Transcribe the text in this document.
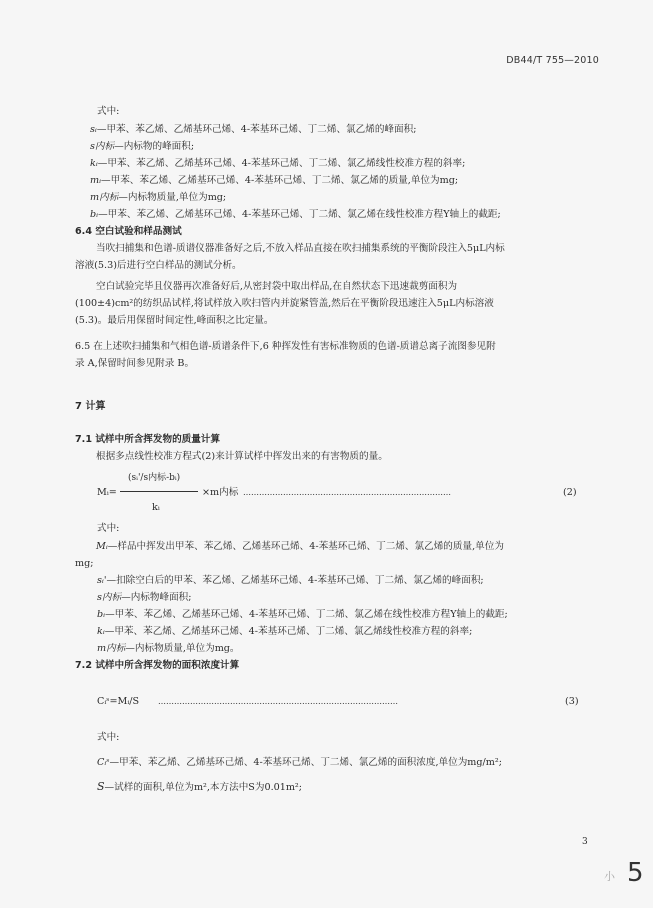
DB44/T 755—2010
式中:
sᵢ—甲苯、苯乙烯、乙烯基环己烯、4-苯基环己烯、丁二烯、氯乙烯的峰面积;
s内标—内标物的峰面积;
kᵢ—甲苯、苯乙烯、乙烯基环己烯、4-苯基环己烯、丁二烯、氯乙烯线性校准方程的斜率;
mᵢ—甲苯、苯乙烯、乙烯基环己烯、4-苯基环己烯、丁二烯、氯乙烯的质量,单位为mg;
m内标—内标物质量,单位为mg;
bᵢ—甲苯、苯乙烯、乙烯基环己烯、4-苯基环己烯、丁二烯、氯乙烯在线性校准方程Y轴上的截距;
6.4 空白试验和样品测试
当吹扫捕集和色谱-质谱仪器准备好之后,不放入样品直接在吹扫捕集系统的平衡阶段注入5μL内标
溶液(5.3)后进行空白样品的测试分析。
空白试验完毕且仪器再次准备好后,从密封袋中取出样品,在自然状态下迅速裁剪面积为
(100±4)cm²的纺织品试样,将试样放入吹扫管内并旋紧管盖,然后在平衡阶段迅速注入5μL内标溶液
(5.3)。最后用保留时间定性,峰面积之比定量。
6.5 在上述吹扫捕集和气相色谱-质谱条件下,6 种挥发性有害标准物质的色谱-质谱总离子流图参见附
录 A,保留时间参见附录 B。
7 计算
7.1 试样中所含挥发物的质量计算
根据多点线性校准方程式(2)来计算试样中挥发出来的有害物质的量。
(sᵢ'/s内标-bᵢ)
Mᵢ=	×m内标 ……………………………………………………………………	(2)
kᵢ
式中:
Mᵢ—样品中挥发出甲苯、苯乙烯、乙烯基环己烯、4-苯基环己烯、丁二烯、氯乙烯的质量,单位为
mg;
sᵢ'—扣除空白后的甲苯、苯乙烯、乙烯基环己烯、4-苯基环己烯、丁二烯、氯乙烯的峰面积;
s内标—内标物峰面积;
bᵢ—甲苯、苯乙烯、乙烯基环己烯、4-苯基环己烯、丁二烯、氯乙烯在线性校准方程Y轴上的截距;
kᵢ—甲苯、苯乙烯、乙烯基环己烯、4-苯基环己烯、丁二烯、氯乙烯线性校准方程的斜率;
m内标—内标物质量,单位为mg。
7.2 试样中所含挥发物的面积浓度计算
Cᵢˢ=Mᵢ/S ………………………………………………………………………………	(3)
式中:
Cᵢˢ—甲苯、苯乙烯、乙烯基环己烯、4-苯基环己烯、丁二烯、氯乙烯的面积浓度,单位为mg/m²;
S—试样的面积,单位为m²,本方法中S为0.01m²;
3
小 5
